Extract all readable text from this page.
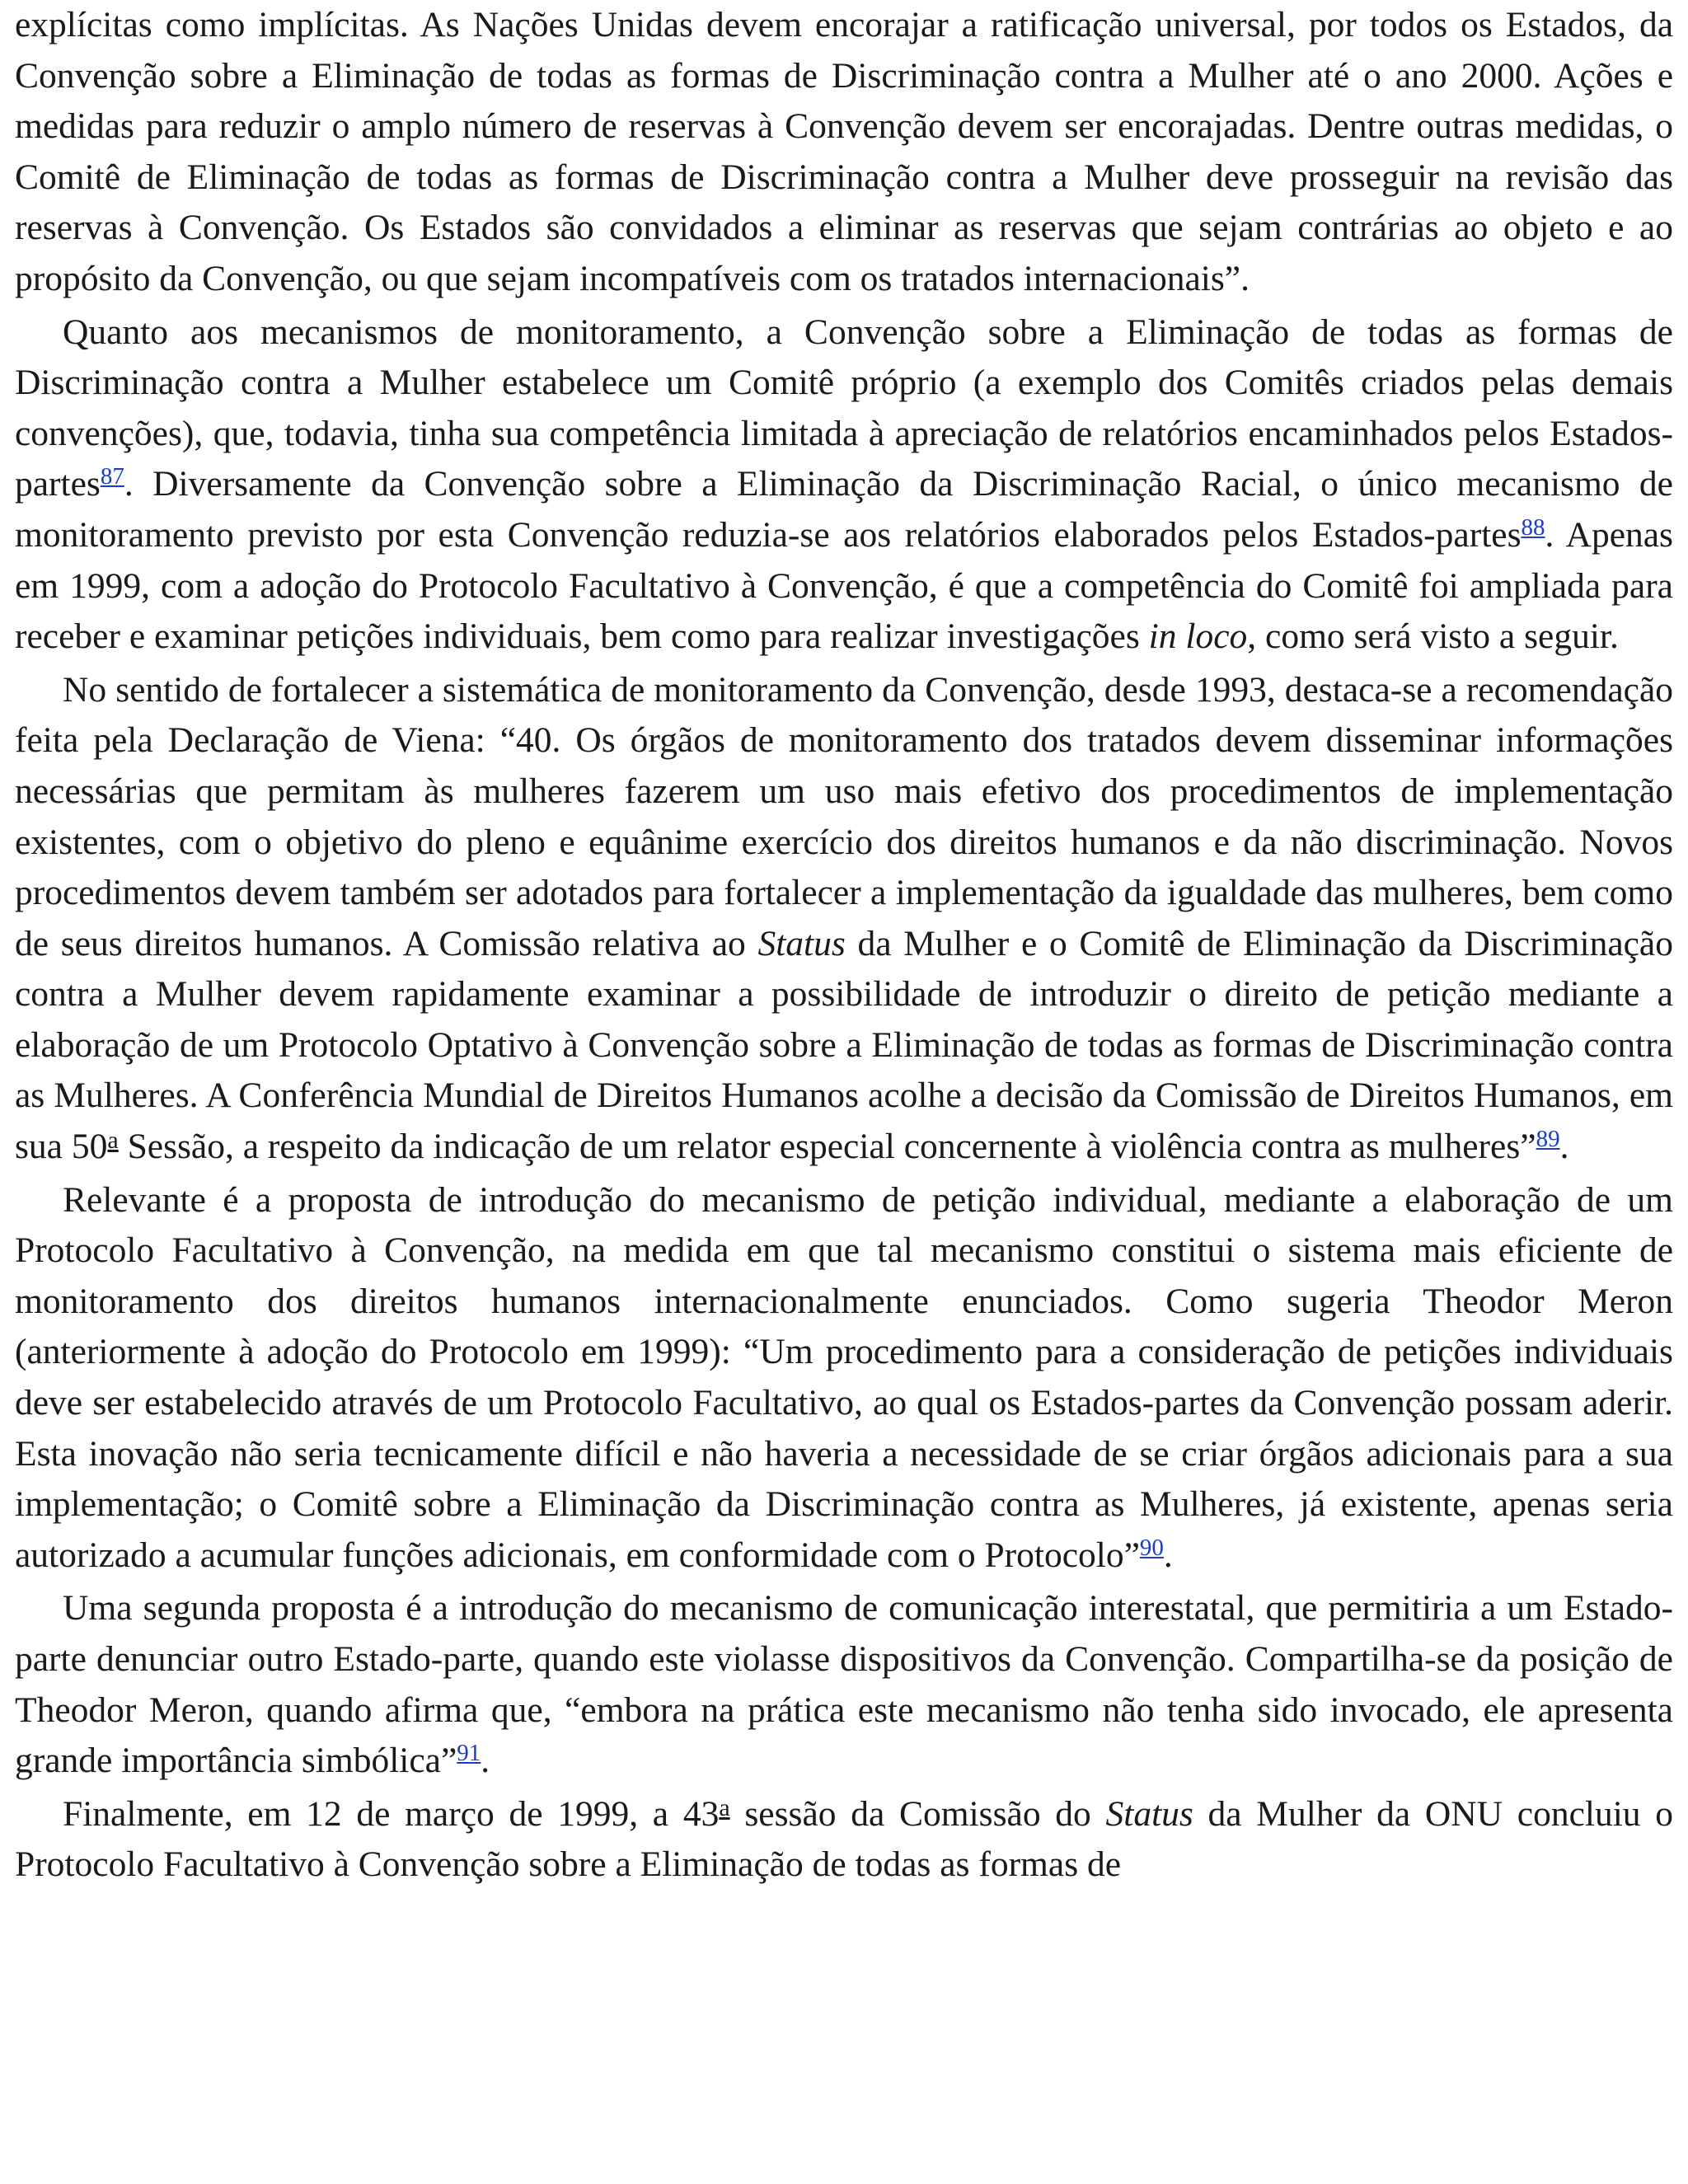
explícitas como implícitas. As Nações Unidas devem encorajar a ratificação universal, por todos os Estados, da Convenção sobre a Eliminação de todas as formas de Discriminação contra a Mulher até o ano 2000. Ações e medidas para reduzir o amplo número de reservas à Convenção devem ser encorajadas. Dentre outras medidas, o Comitê de Eliminação de todas as formas de Discriminação contra a Mulher deve prosseguir na revisão das reservas à Convenção. Os Estados são convidados a eliminar as reservas que sejam contrárias ao objeto e ao propósito da Convenção, ou que sejam incompatíveis com os tratados internacionais”.

Quanto aos mecanismos de monitoramento, a Convenção sobre a Eliminação de todas as formas de Discriminação contra a Mulher estabelece um Comitê próprio (a exemplo dos Comitês criados pelas demais convenções), que, todavia, tinha sua competência limitada à apreciação de relatórios encaminhados pelos Estados-partes$^{87}$. Diversamente da Convenção sobre a Eliminação da Discriminação Racial, o único mecanismo de monitoramento previsto por esta Convenção reduzia-se aos relatórios elaborados pelos Estados-partes$^{88}$. Apenas em 1999, com a adoção do Protocolo Facultativo à Convenção, é que a competência do Comitê foi ampliada para receber e examinar petições individuais, bem como para realizar investigações in loco, como será visto a seguir.

No sentido de fortalecer a sistemática de monitoramento da Convenção, desde 1993, destaca-se a recomendação feita pela Declaração de Viena: “40. Os órgãos de monitoramento dos tratados devem disseminar informações necessárias que permitam às mulheres fazerem um uso mais efetivo dos procedimentos de implementação existentes, com o objetivo do pleno e equânime exercício dos direitos humanos e da não discriminação. Novos procedimentos devem também ser adotados para fortalecer a implementação da igualdade das mulheres, bem como de seus direitos humanos. A Comissão relativa ao Status da Mulher e o Comitê de Eliminação da Discriminação contra a Mulher devem rapidamente examinar a possibilidade de introduzir o direito de petição mediante a elaboração de um Protocolo Optativo à Convenção sobre a Eliminação de todas as formas de Discriminação contra as Mulheres. A Conferência Mundial de Direitos Humanos acolhe a decisão da Comissão de Direitos Humanos, em sua 50$^a$ Sessão, a respeito da indicação de um relator especial concernente à violência contra as mulheres”$^{89}$.

Relevante é a proposta de introdução do mecanismo de petição individual, mediante a elaboração de um Protocolo Facultativo à Convenção, na medida em que tal mecanismo constitui o sistema mais eficiente de monitoramento dos direitos humanos internacionalmente enunciados. Como sugeria Theodor Meron (anteriormente à adoção do Protocolo em 1999): “Um procedimento para a consideração de petições individuais deve ser estabelecido através de um Protocolo Facultativo, ao qual os Estados-partes da Convenção possam aderir. Esta inovação não seria tecnicamente difícil e não haveria a necessidade de se criar órgãos adicionais para a sua implementação; o Comitê sobre a Eliminação da Discriminação contra as Mulheres, já existente, apenas seria autorizado a acumular funções adicionais, em conformidade com o Protocolo”$^{90}$.

Uma segunda proposta é a introdução do mecanismo de comunicação interestatal, que permitiria a um Estado-parte denunciar outro Estado-parte, quando este violasse dispositivos da Convenção. Compartilha-se da posição de Theodor Meron, quando afirma que, “embora na prática este mecanismo não tenha sido invocado, ele apresenta grande importância simbólica”$^{91}$.

Finalmente, em 12 de março de 1999, a 43$^a$ sessão da Comissão do Status da Mulher da ONU concluiu o Protocolo Facultativo à Convenção sobre a Eliminação de todas as formas de
